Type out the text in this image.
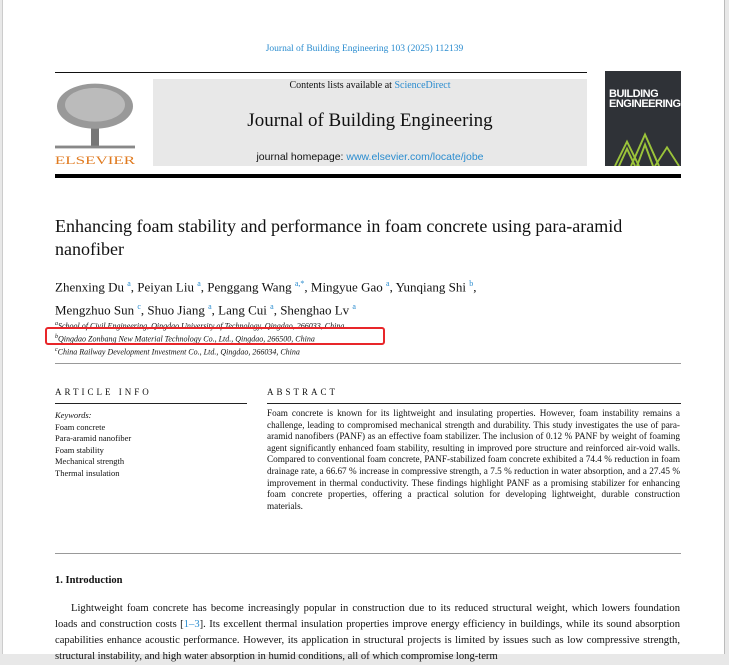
Journal of Building Engineering 103 (2025) 112139
ELSEVIER
Contents lists available at ScienceDirect
Journal of Building Engineering
journal homepage: www.elsevier.com/locate/jobe
BUILDING ENGINEERING
Enhancing foam stability and performance in foam concrete using para-aramid nanofiber
Zhenxing Du $^a$, Peiyan Liu $^a$, Penggang Wang $^{a,*}$, Mingyue Gao $^a$, Yunqiang Shi $^b$,
Mengzhuo Sun $^c$, Shuo Jiang $^a$, Lang Cui $^a$, Shenghao Lv $^a$
$^a$School of Civil Engineering, Qingdao University of Technology, Qingdao, 266033, China
$^b$Qingdao Zonbang New Material Technology Co., Ltd., Qingdao, 266500, China
$^c$China Railway Development Investment Co., Ltd., Qingdao, 266034, China
ARTICLE INFO
Keywords:
Foam concrete
Para-aramid nanofiber
Foam stability
Mechanical strength
Thermal insulation
ABSTRACT
Foam concrete is known for its lightweight and insulating properties. However, foam instability remains a challenge, leading to compromised mechanical strength and durability. This study investigates the use of para-aramid nanofibers (PANF) as an effective foam stabilizer. The inclusion of 0.12 % PANF by weight of foaming agent significantly enhanced foam stability, resulting in improved pore structure and reinforced air-void walls. Compared to conventional foam concrete, PANF-stabilized foam concrete exhibited a 74.4 % reduction in foam drainage rate, a 66.67 % increase in compressive strength, a 7.5 % reduction in water absorption, and a 27.45 % improvement in thermal conductivity. These findings highlight PANF as a promising stabilizer for enhancing foam concrete properties, offering a practical solution for developing lightweight, durable construction materials.
1. Introduction
Lightweight foam concrete has become increasingly popular in construction due to its reduced structural weight, which lowers foundation loads and construction costs [1–3]. Its excellent thermal insulation properties improve energy efficiency in buildings, while its sound absorption capabilities enhance acoustic performance. However, its application in structural projects is limited by issues such as low compressive strength, structural instability, and high water absorption in humid conditions, all of which compromise long-term
